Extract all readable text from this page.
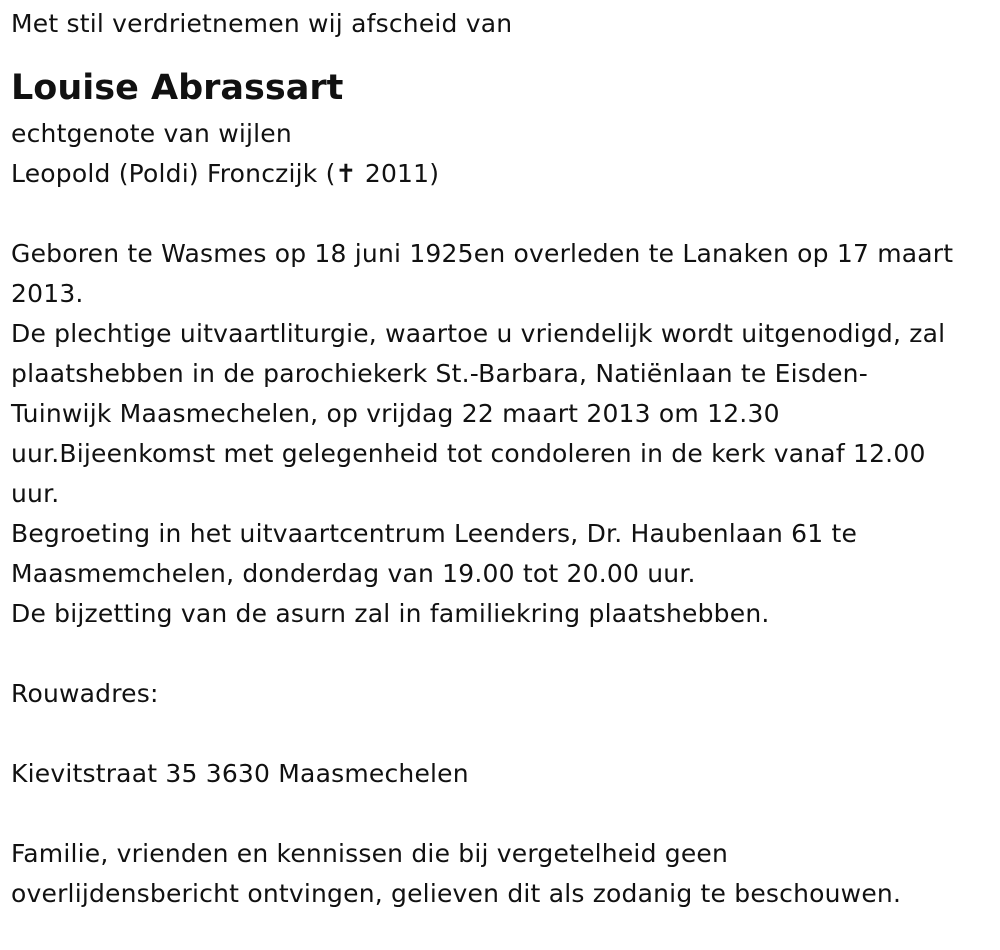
Met stil verdrietnemen wij afscheid van
Louise Abrassart
echtgenote van wijlen
Leopold (Poldi) Fronczijk (✝ 2011)
Geboren te Wasmes op 18 juni 1925en overleden te Lanaken op 17 maart
2013.
De plechtige uitvaartliturgie, waartoe u vriendelijk wordt uitgenodigd, zal
plaatshebben in de parochiekerk St.-Barbara, Natiënlaan te Eisden-
Tuinwijk Maasmechelen, op vrijdag 22 maart 2013 om 12.30
uur.Bijeenkomst met gelegenheid tot condoleren in de kerk vanaf 12.00
uur.
Begroeting in het uitvaartcentrum Leenders, Dr. Haubenlaan 61 te
Maasmemchelen, donderdag van 19.00 tot 20.00 uur.
De bijzetting van de asurn zal in familiekring plaatshebben.
Rouwadres:
Kievitstraat 35 3630 Maasmechelen
Familie, vrienden en kennissen die bij vergetelheid geen
overlijdensbericht ontvingen, gelieven dit als zodanig te beschouwen.
